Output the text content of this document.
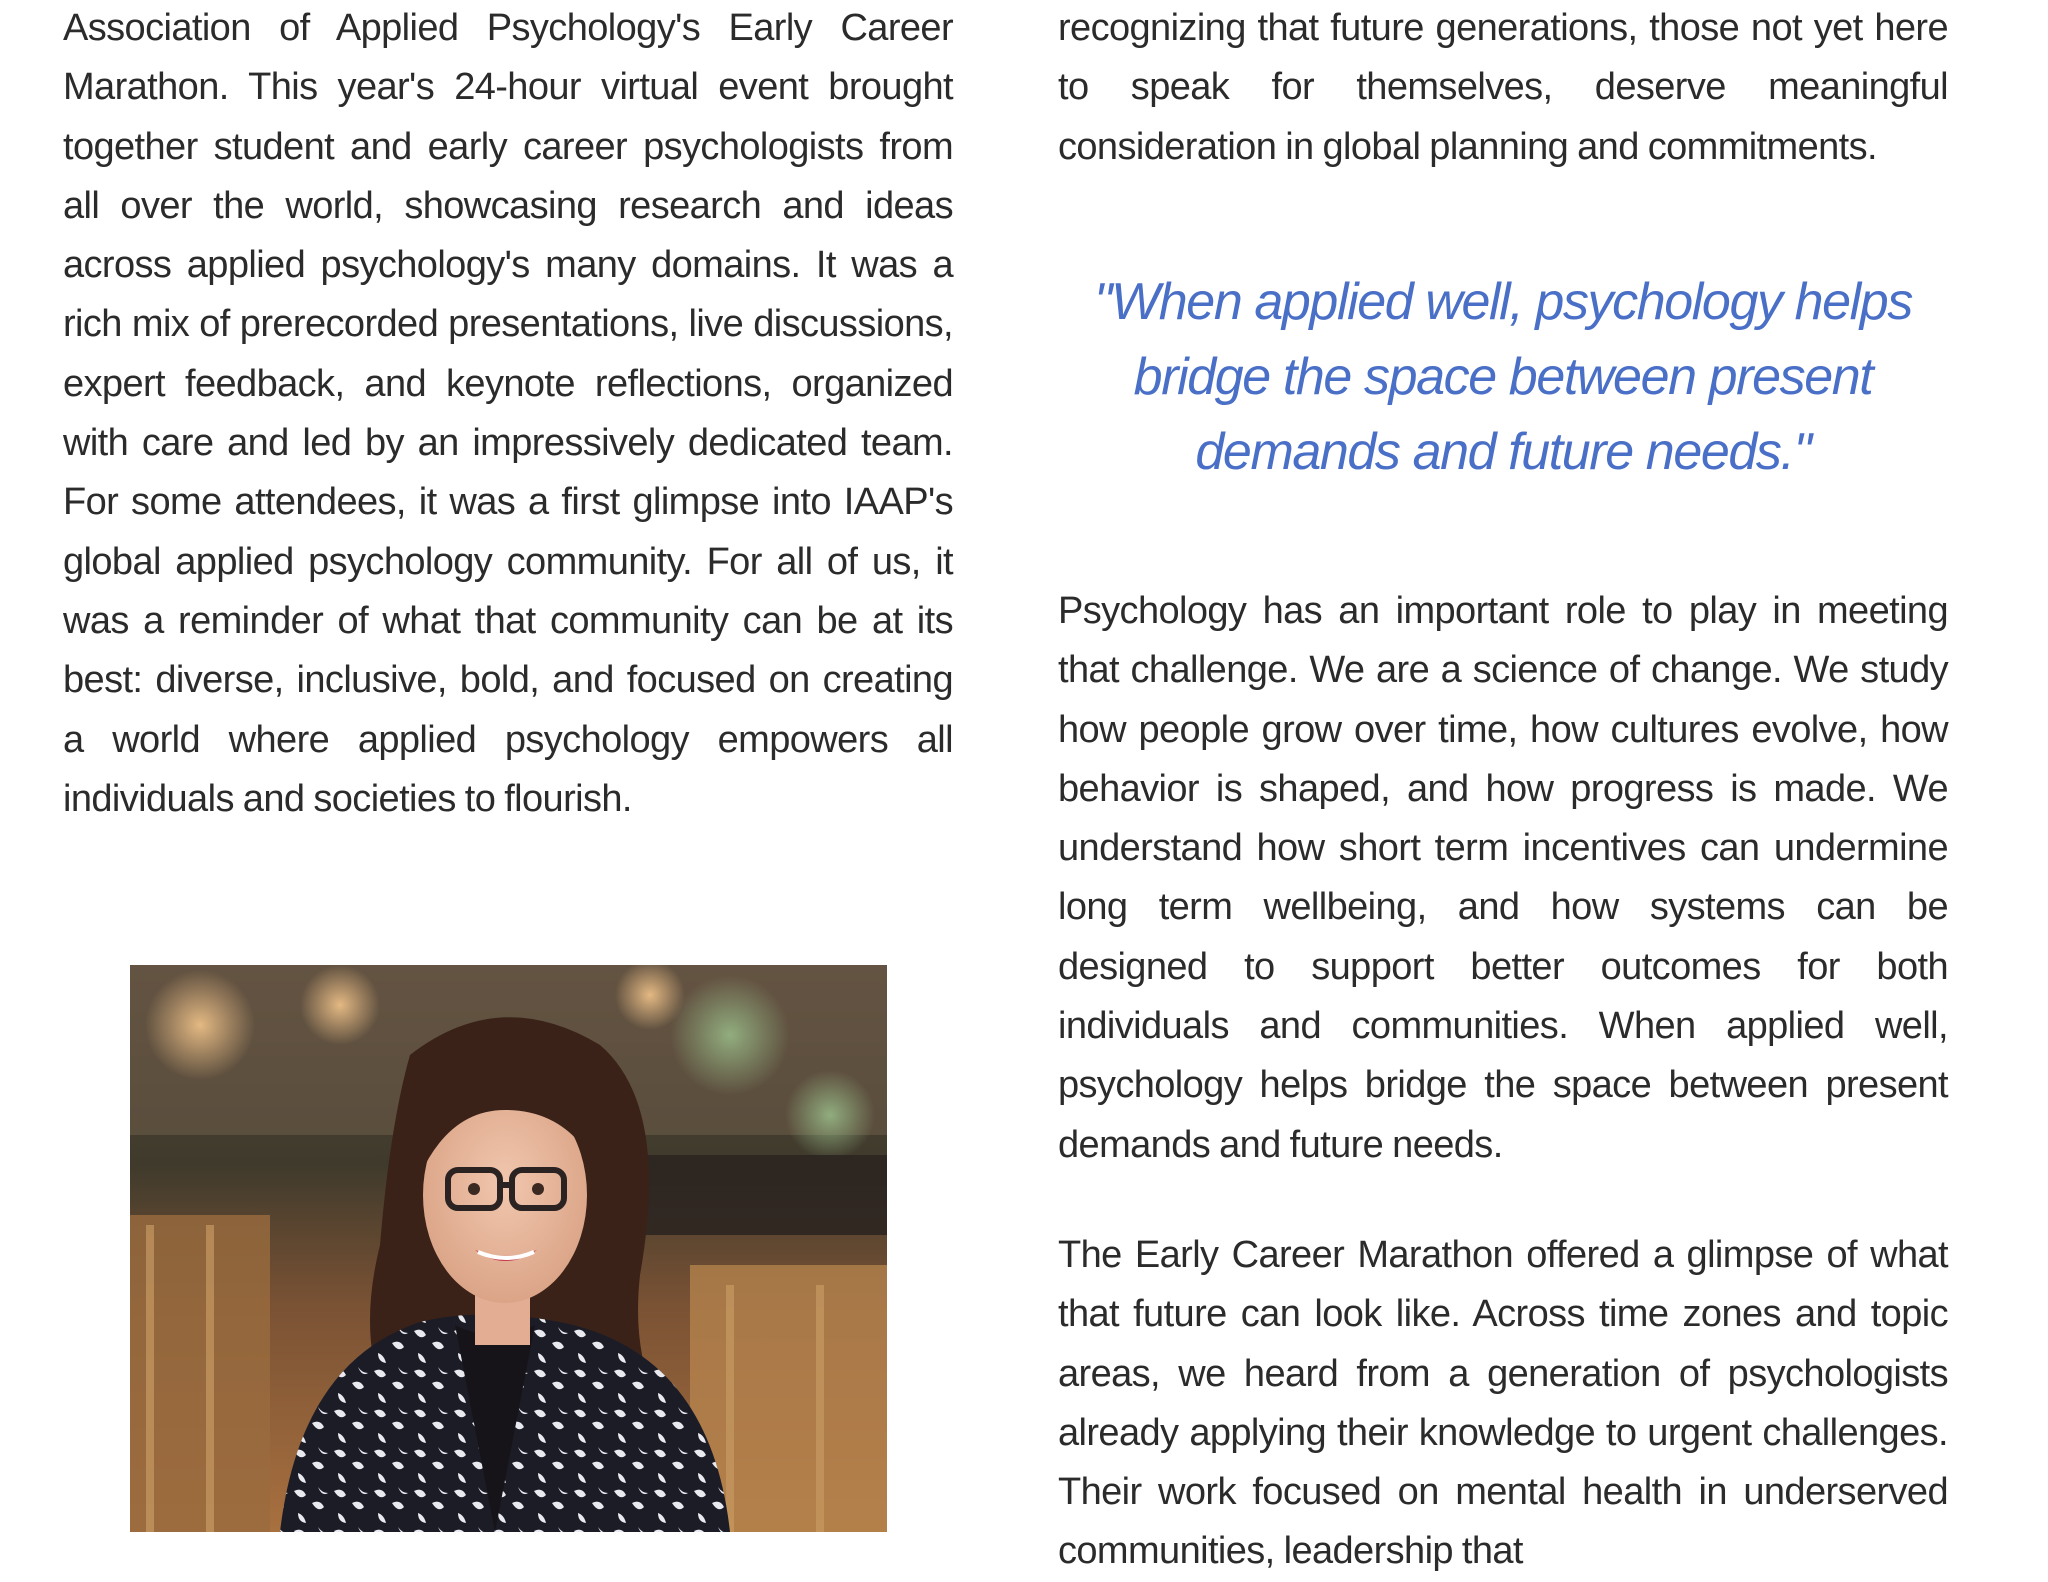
Association of Applied Psychology's Early Career Marathon. This year's 24-hour virtual event brought together student and early career psychologists from all over the world, showcasing research and ideas across applied psychology's many domains. It was a rich mix of prerecorded presentations, live discussions, expert feedback, and keynote reflections, organized with care and led by an impressively dedicated team. For some attendees, it was a first glimpse into IAAP's global applied psychology community. For all of us, it was a reminder of what that community can be at its best: diverse, inclusive, bold, and focused on creating a world where applied psychology empowers all individuals and societies to flourish.

recognizing that future generations, those not yet here to speak for themselves, deserve meaningful consideration in global planning and commitments.

"When applied well, psychology helps bridge the space between present demands and future needs."

Psychology has an important role to play in meeting that challenge. We are a science of change. We study how people grow over time, how cultures evolve, how behavior is shaped, and how progress is made. We understand how short term incentives can undermine long term wellbeing, and how systems can be designed to support better outcomes for both individuals and communities. When applied well, psychology helps bridge the space between present demands and future needs.

The Early Career Marathon offered a glimpse of what that future can look like. Across time zones and topic areas, we heard from a generation of psychologists already applying their knowledge to urgent challenges. Their work focused on mental health in underserved communities, leadership that
